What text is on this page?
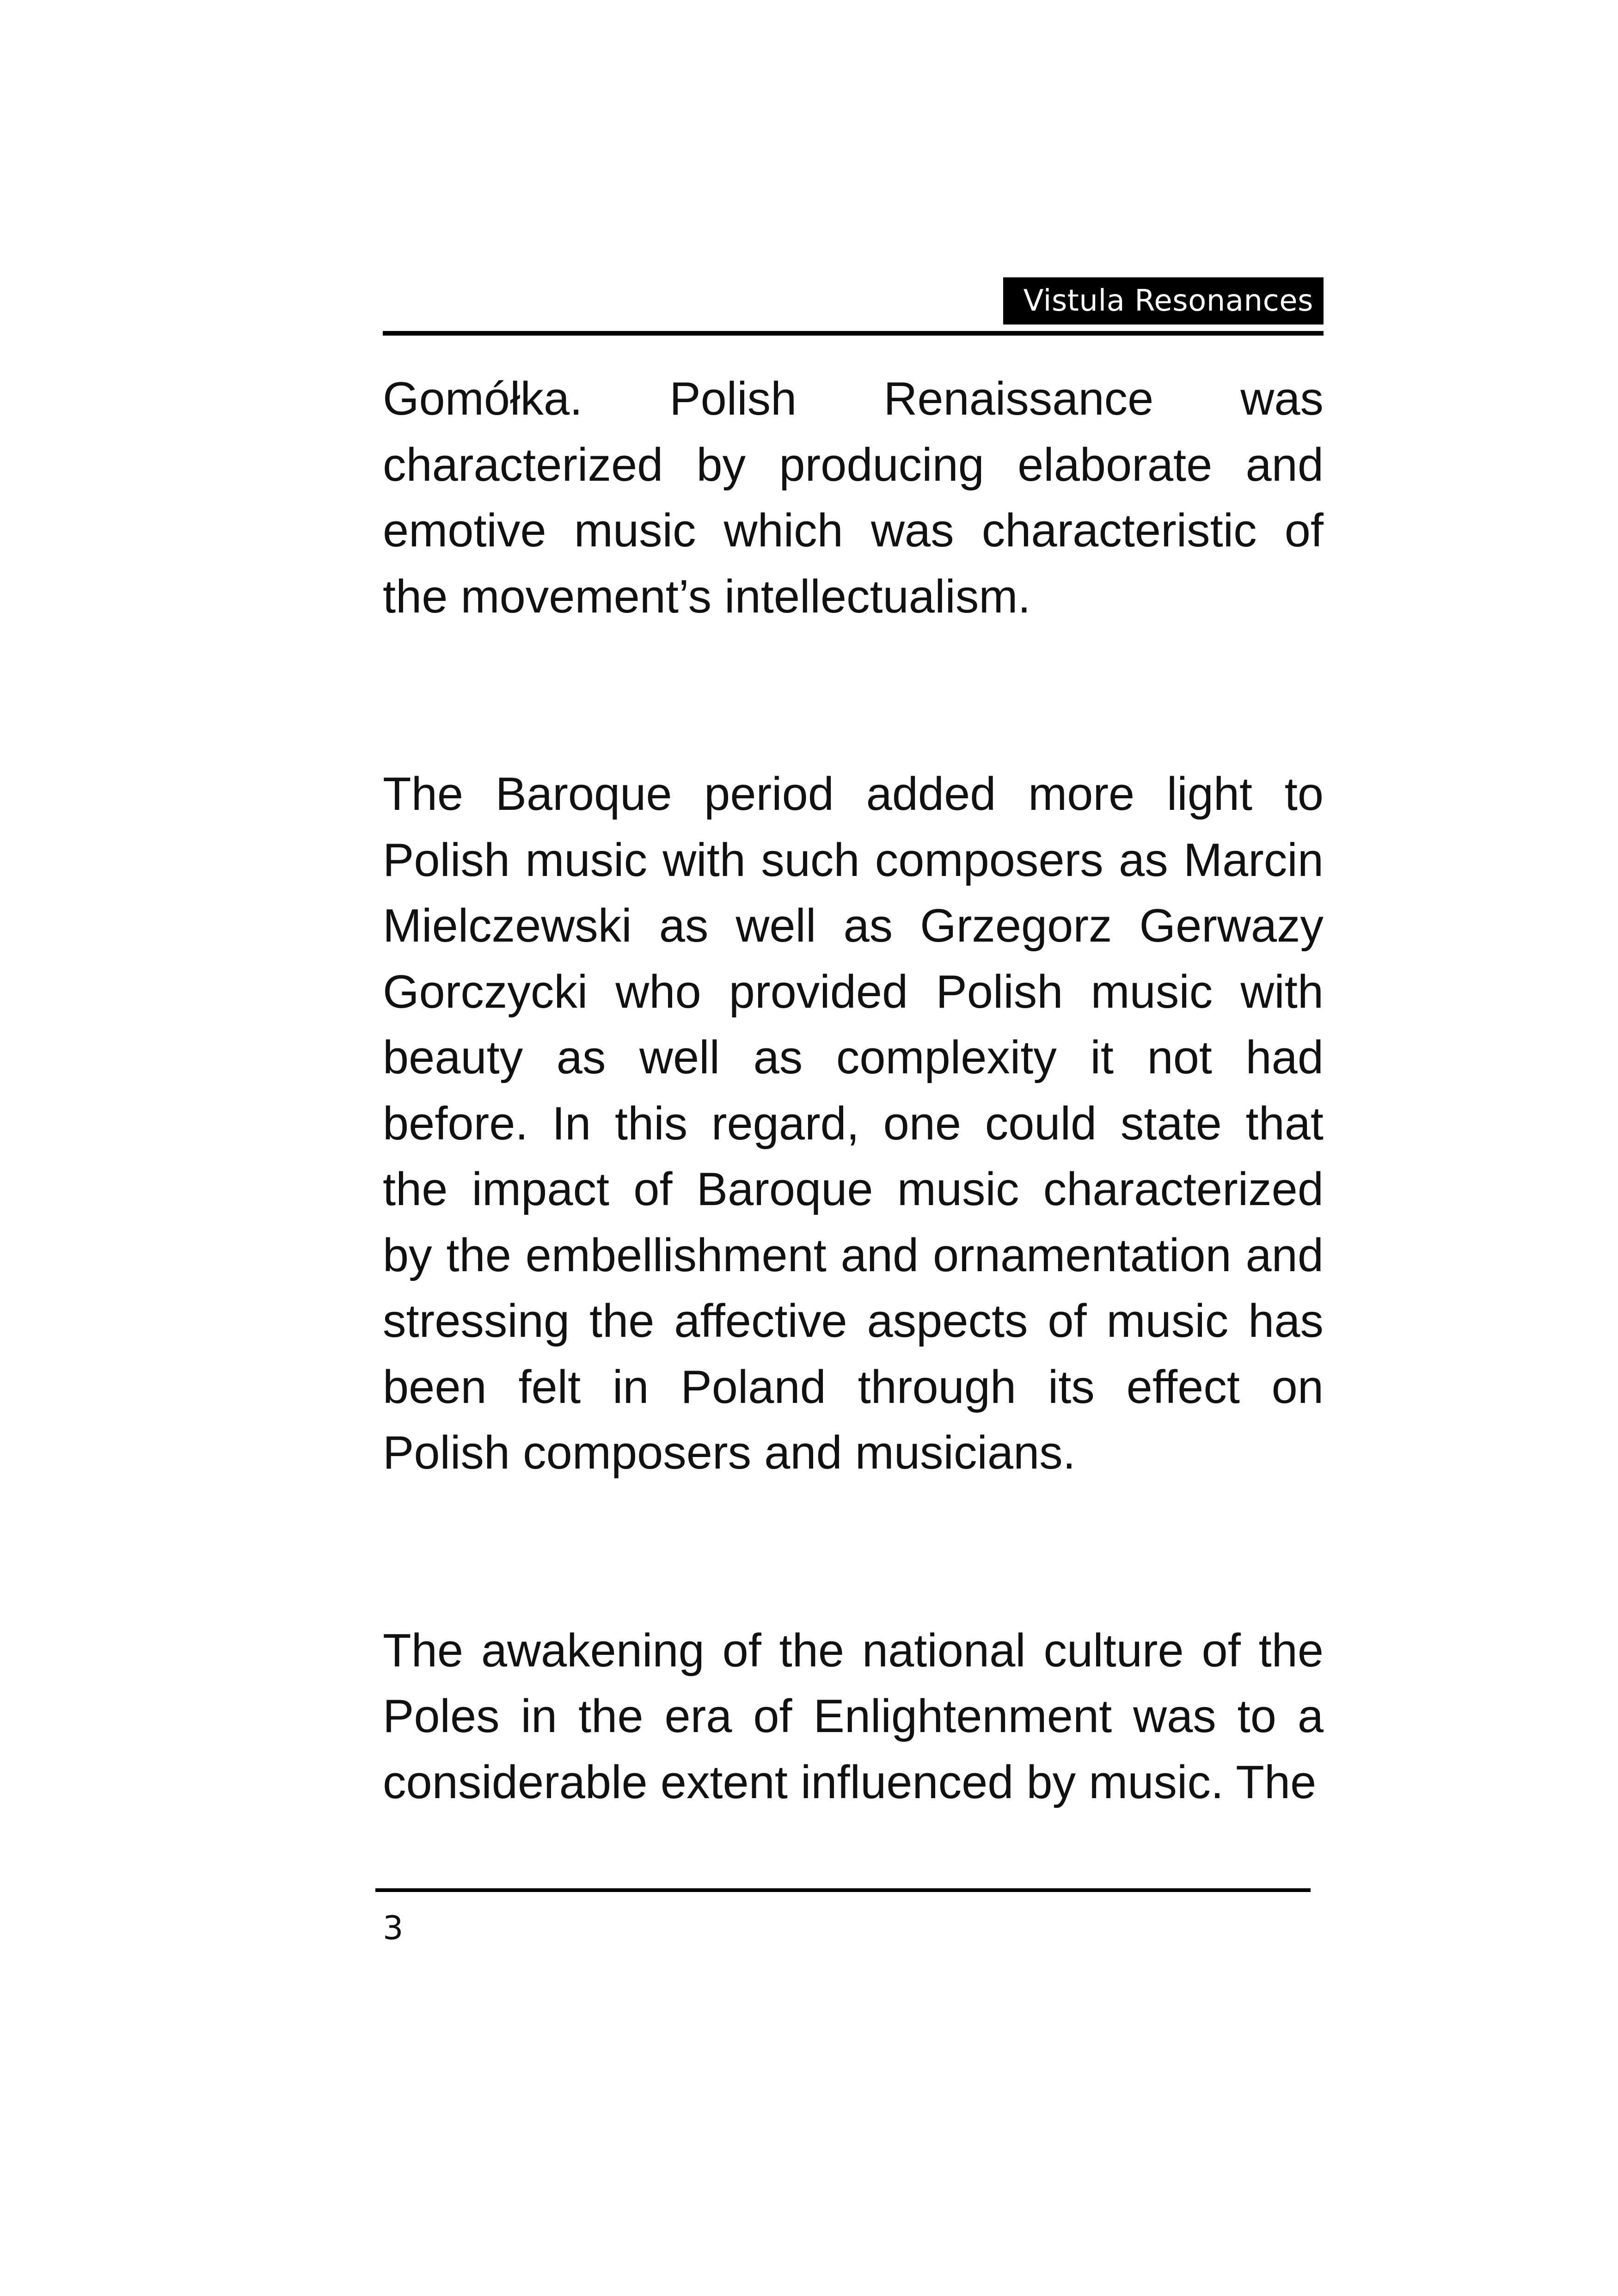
Vistula Resonances

Gomółka. Polish Renaissance was characterized by producing elaborate and emotive music which was characteristic of the movement’s intellectualism.

The Baroque period added more light to Polish music with such composers as Marcin Mielczewski as well as Grzegorz Gerwazy Gorczycki who provided Polish music with beauty as well as complexity it not had before. In this regard, one could state that the impact of Baroque music characterized by the embellishment and ornamentation and stressing the affective aspects of music has been felt in Poland through its effect on Polish composers and musicians.

The awakening of the national culture of the Poles in the era of Enlightenment was to a considerable extent influenced by music. The

3
